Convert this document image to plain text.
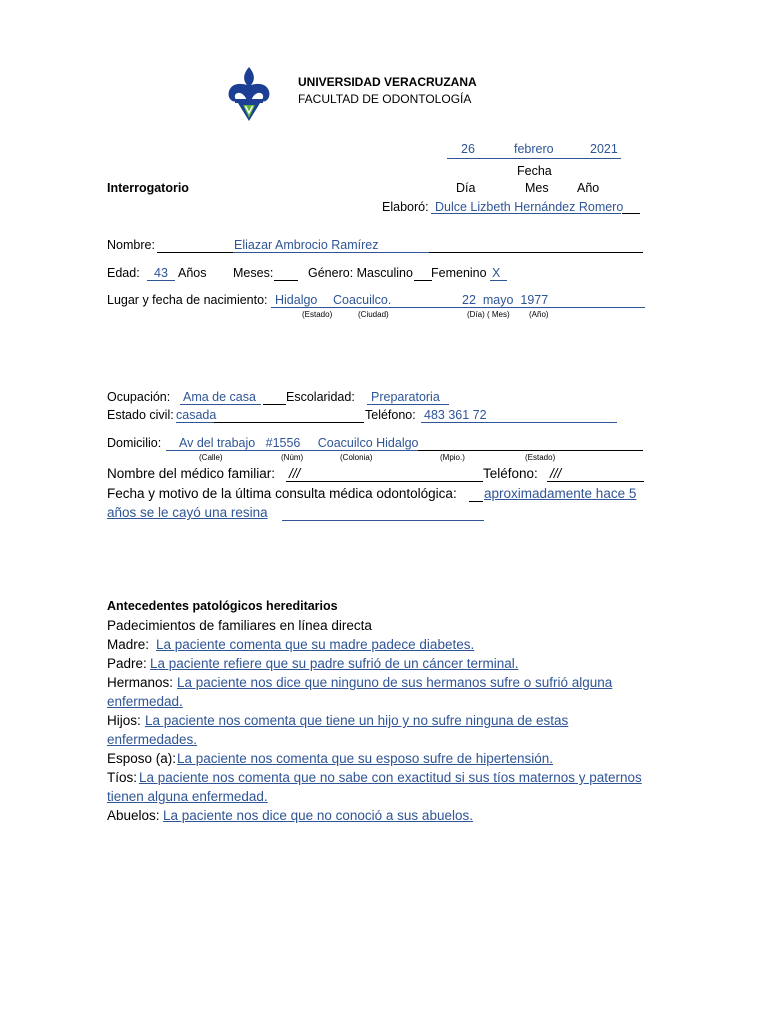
UNIVERSIDAD VERACRUZANA
FACULTAD DE ODONTOLOGÍA
26	febrero	2021
Fecha
Día	Mes Año
Interrogatorio
Elaboró: Dulce Lizbeth Hernández Romero
Nombre:	Eliazar Ambrocio Ramírez
Edad: 43 Años Meses:	Género: Masculino Femenino X
Lugar y fecha de nacimiento: Hidalgo Coacuilco.	22  mayo  1977
(Estado)	(Ciudad)	(Día) ( Mes) (Año)
Ocupación: Ama de casa Escolaridad: Preparatoria
Estado civil: casada	Teléfono: 483 361 72
Domicilio: Av del trabajo   #1556     Coacuilco Hidalgo
(Calle)	(Núm)	(Colonia)	(Mpio.)	(Estado)
Nombre del médico familiar: ///	Teléfono: ///
Fecha y motivo de la última consulta médica odontológica: aproximadamente hace 5
años se le cayó una resina
Antecedentes patológicos hereditarios
Padecimientos de familiares en línea directa
Madre: La paciente comenta que su madre padece diabetes.
Padre: La paciente refiere que su padre sufrió de un cáncer terminal.
Hermanos: La paciente nos dice que ninguno de sus hermanos sufre o sufrió alguna
enfermedad.
Hijos: La paciente nos comenta que tiene un hijo y no sufre ninguna de estas
enfermedades.
Esposo (a): La paciente nos comenta que su esposo sufre de hipertensión.
Tíos: La paciente nos comenta que no sabe con exactitud si sus tíos maternos y paternos
tienen alguna enfermedad.
Abuelos: La paciente nos dice que no conoció a sus abuelos.
